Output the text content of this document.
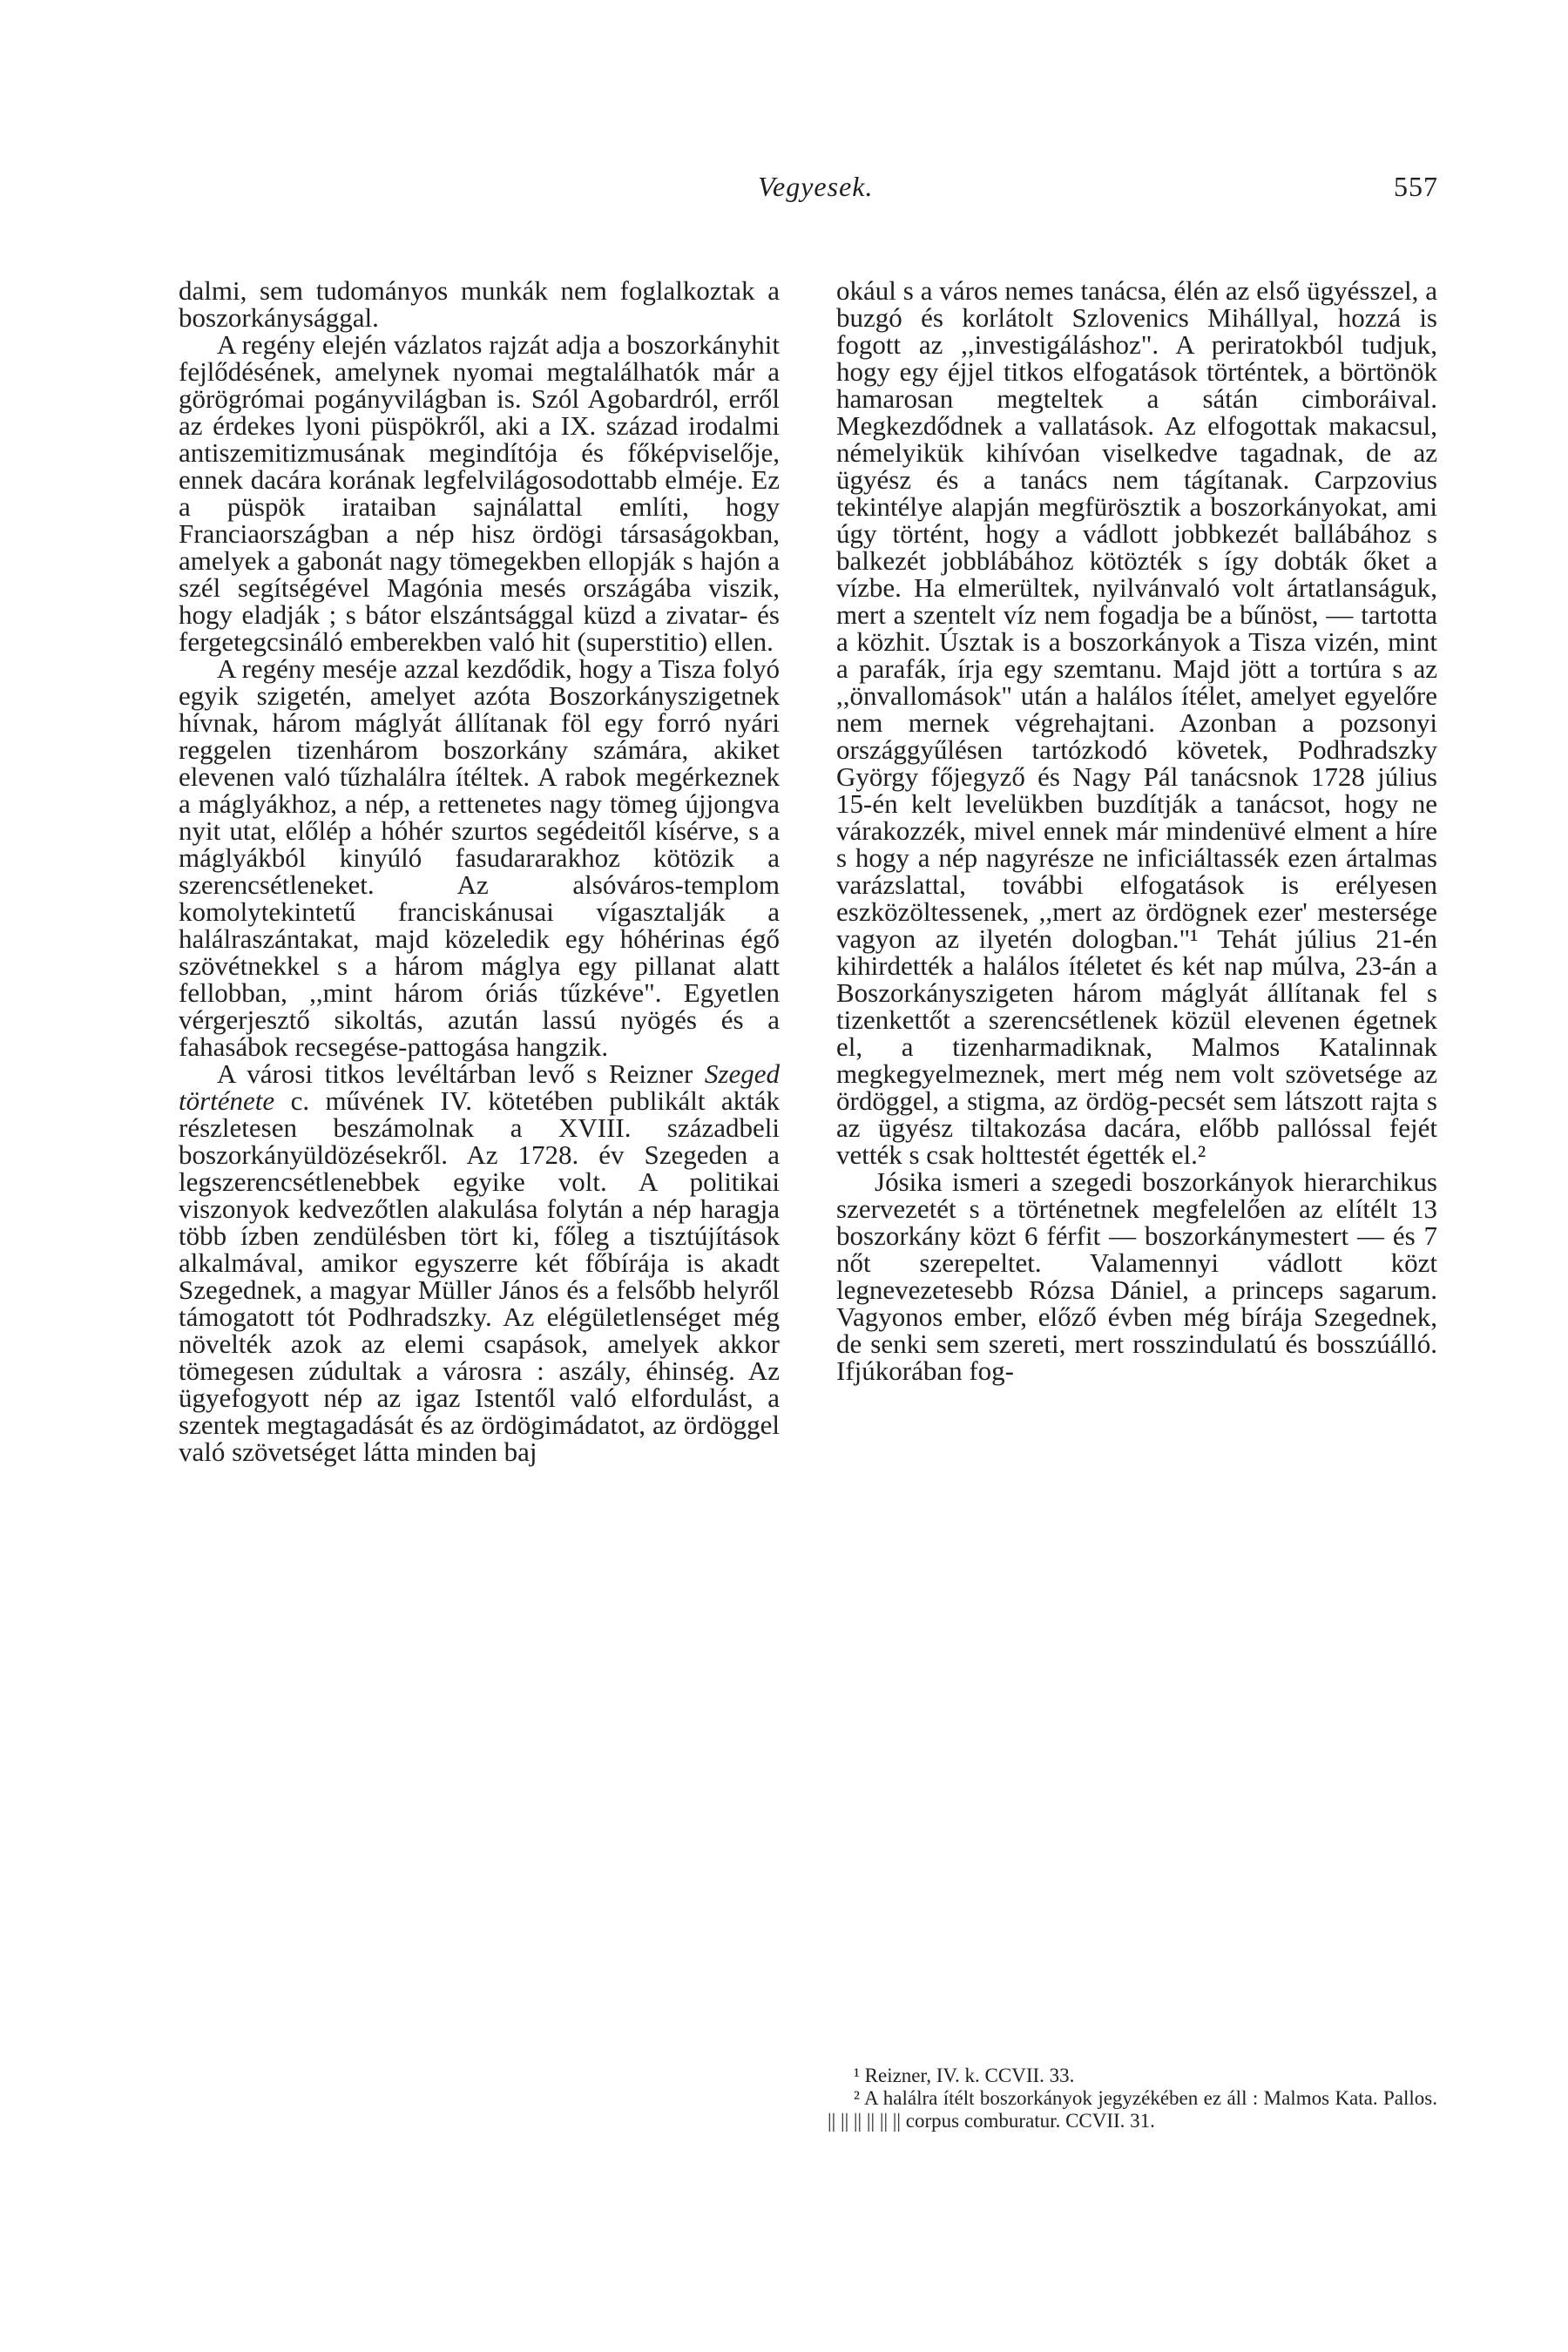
Vegyesek.	557

dalmi, sem tudományos munkák nem foglalkoztak a boszorkánysággal.

A regény elején vázlatos rajzát adja a boszorkányhit fejlődésének, amelynek nyomai megtalálhatók már a görögrómai pogányvilágban is. Szól Agobardról, erről az érdekes lyoni püspökről, aki a IX. század irodalmi antiszemitizmusának megindítója és főképviselője, ennek dacára korának legfelvilágosodottabb elméje. Ez a püspök irataiban sajnálattal említi, hogy Franciaországban a nép hisz ördögi társaságokban, amelyek a gabonát nagy tömegekben ellopják s hajón a szél segítségével Magónia mesés országába viszik, hogy eladják ; s bátor elszántsággal küzd a zivatar- és fergetegcsináló emberekben való hit (superstitio) ellen.

A regény meséje azzal kezdődik, hogy a Tisza folyó egyik szigetén, amelyet azóta Boszorkányszigetnek hívnak, három máglyát állítanak föl egy forró nyári reggelen tizenhárom boszorkány számára, akiket elevenen való tűzhalálra ítéltek. A rabok megérkeznek a máglyákhoz, a nép, a rettenetes nagy tömeg újjongva nyit utat, előlép a hóhér szurtos segédeitől kísérve, s a máglyákból kinyúló fasudararakhoz kötözik a szerencsétleneket. Az alsóváros-templom komolytekintetű franciskánusai vígasztalják a halálraszántakat, majd közeledik egy hóhérinas égő szövétnekkel s a három máglya egy pillanat alatt fellobban, ,,mint három óriás tűzkéve". Egyetlen vérgerjesztő sikoltás, azután lassú nyögés és a fahasábok recsegése-pattogása hangzik.

A városi titkos levéltárban levő s Reizner Szeged története c. művének IV. kötetében publikált akták részletesen beszámolnak a XVIII. századbeli boszorkányüldözésekről. Az 1728. év Szegeden a legszerencsétlenebbek egyike volt. A politikai viszonyok kedvezőtlen alakulása folytán a nép haragja több ízben zendülésben tört ki, főleg a tisztújítások alkalmával, amikor egyszerre két főbírája is akadt Szegednek, a magyar Müller János és a felsőbb helyről támogatott tót Podhradszky. Az elégületlenséget még növelték azok az elemi csapások, amelyek akkor tömegesen zúdultak a városra : aszály, éhinség. Az ügyefogyott nép az igaz Istentől való elfordulást, a szentek megtagadását és az ördögimádatot, az ördöggel való szövetséget látta minden baj

okául s a város nemes tanácsa, élén az első ügyésszel, a buzgó és korlátolt Szlovenics Mihállyal, hozzá is fogott az ,,investigáláshoz". A periratokból tudjuk, hogy egy éjjel titkos elfogatások történtek, a börtönök hamarosan megteltek a sátán cimboráival. Megkezdődnek a vallatások. Az elfogottak makacsul, némelyikük kihívóan viselkedve tagadnak, de az ügyész és a tanács nem tágítanak. Carpzovius tekintélye alapján megfürösztik a boszorkányokat, ami úgy történt, hogy a vádlott jobbkezét ballábához s balkezét jobblábához kötözték s így dobták őket a vízbe. Ha elmerültek, nyilvánvaló volt ártatlanságuk, mert a szentelt víz nem fogadja be a bűnöst, — tartotta a közhit. Úsztak is a boszorkányok a Tisza vizén, mint a parafák, írja egy szemtanu. Majd jött a tortúra s az ,,önvallomások" után a halálos ítélet, amelyet egyelőre nem mernek végrehajtani. Azonban a pozsonyi országgyűlésen tartózkodó követek, Podhradszky György főjegyző és Nagy Pál tanácsnok 1728 július 15-én kelt levelükben buzdítják a tanácsot, hogy ne várakozzék, mivel ennek már mindenüvé elment a híre s hogy a nép nagyrésze ne inficiáltassék ezen ártalmas varázslattal, további elfogatások is erélyesen eszközöltessenek, ,,mert az ördögnek ezer' mestersége vagyon az ilyetén dologban."¹ Tehát július 21-én kihirdették a halálos ítéletet és két nap múlva, 23-án a Boszorkányszigeten három máglyát állítanak fel s tizenkettőt a szerencsétlenek közül elevenen égetnek el, a tizenharmadiknak, Malmos Katalinnak megkegyelmeznek, mert még nem volt szövetsége az ördöggel, a stigma, az ördög-pecsét sem látszott rajta s az ügyész tiltakozása dacára, előbb pallóssal fejét vették s csak holttestét égették el.²

Jósika ismeri a szegedi boszorkányok hierarchikus szervezetét s a történetnek megfelelően az elítélt 13 boszorkány közt 6 férfit — boszorkánymestert — és 7 nőt szerepeltet. Valamennyi vádlott közt legnevezetesebb Rózsa Dániel, a princeps sagarum. Vagyonos ember, előző évben még bírája Szegednek, de senki sem szereti, mert rosszindulatú és bosszúálló. Ifjúkorában fog-

¹ Reizner, IV. k. CCVII. 33.

² A halálra ítélt boszorkányok jegyzékében ez áll : Malmos Kata. Pallos. || || || || || || corpus comburatur. CCVII. 31.
